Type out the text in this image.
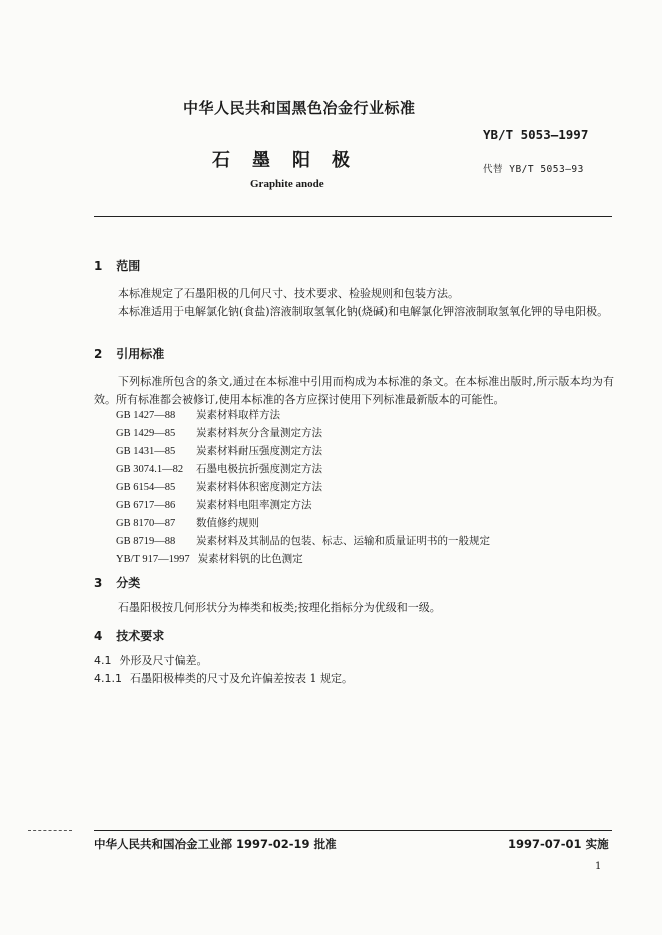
中华人民共和国黑色冶金行业标准
YB/T 5053—1997
石墨阳极	代替 YB/T 5053—93
Graphite anode
1 范围
本标准规定了石墨阳极的几何尺寸、技术要求、检验规则和包装方法。
本标准适用于电解氯化钠(食盐)溶液制取氢氧化钠(烧碱)和电解氯化钾溶液制取氢氧化钾的导电阳极。
2 引用标准
下列标准所包含的条文,通过在本标准中引用而构成为本标准的条文。在本标准出版时,所示版本均为有效。所有标准都会被修订,使用本标准的各方应探讨使用下列标准最新版本的可能性。
GB 1427—88 炭素材料取样方法
GB 1429—85 炭素材料灰分含量测定方法
GB 1431—85 炭素材料耐压强度测定方法
GB 3074.1—82 石墨电极抗折强度测定方法
GB 6154—85 炭素材料体积密度测定方法
GB 6717—86 炭素材料电阻率测定方法
GB 8170—87 数值修约规则
GB 8719—88 炭素材料及其制品的包装、标志、运输和质量证明书的一般规定
YB/T 917—1997 炭素材料钒的比色测定
3 分类
石墨阳极按几何形状分为棒类和板类;按理化指标分为优级和一级。
4 技术要求
4.1 外形及尺寸偏差。
4.1.1 石墨阳极棒类的尺寸及允许偏差按表 1 规定。
中华人民共和国冶金工业部 1997-02-19 批准	1997-07-01 实施
1
